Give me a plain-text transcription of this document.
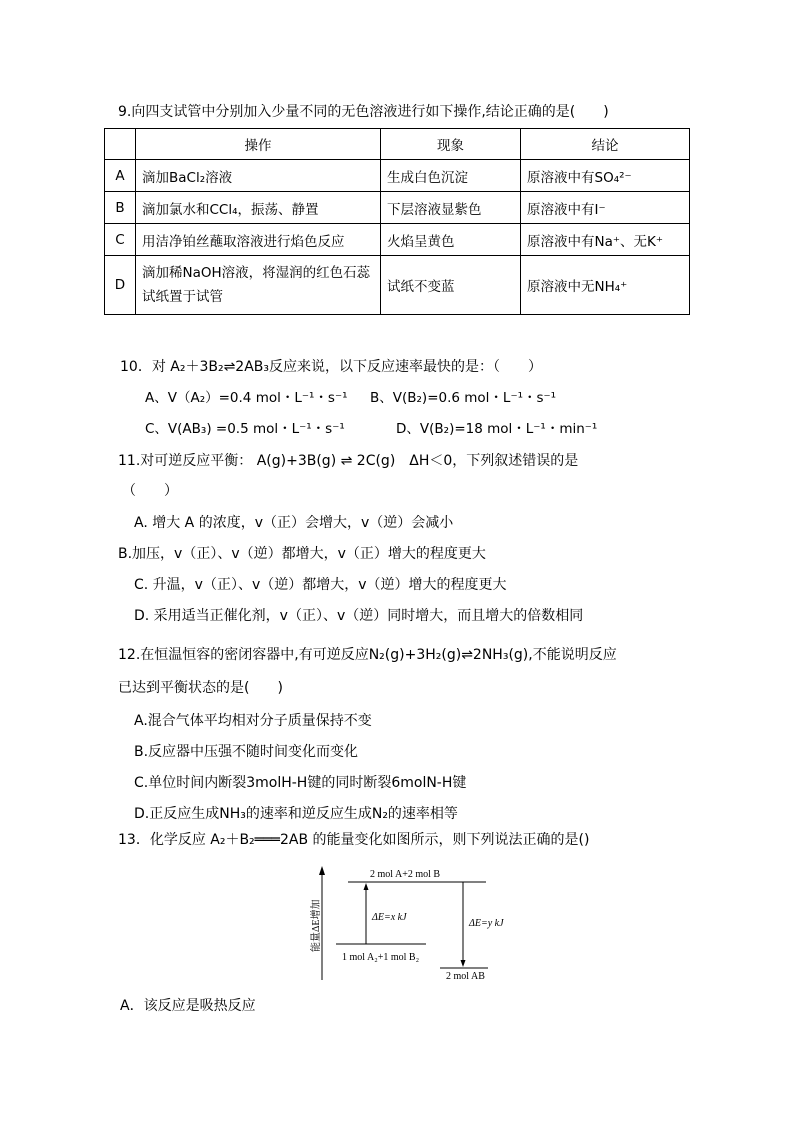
9.向四支试管中分别加入少量不同的无色溶液进行如下操作,结论正确的是(　　)
	操作	现象	结论
A	滴加BaCl₂溶液	生成白色沉淀	原溶液中有SO₄²⁻
B	滴加氯水和CCl₄，振荡、静置	下层溶液显紫色	原溶液中有I⁻
C	用洁净铂丝蘸取溶液进行焰色反应	火焰呈黄色	原溶液中有Na⁺、无K⁺
D	滴加稀NaOH溶液，将湿润的红色石蕊试纸置于试管	试纸不变蓝	原溶液中无NH₄⁺
10．对 A₂＋3B₂⇌2AB₃反应来说，以下反应速率最快的是：（　　）
A、V（A₂）=0.4 mol・L⁻¹・s⁻¹ B、V(B₂)=0.6 mol・L⁻¹・s⁻¹
C、V(AB₃) =0.5 mol・L⁻¹・s⁻¹	D、V(B₂)=18 mol・L⁻¹・min⁻¹
11.对可逆反应平衡： A(g)+3B(g) ⇌ 2C(g)　ΔH＜0，下列叙述错误的是
（　　）
A. 增大 A 的浓度，v（正）会增大，v（逆）会减小
B.加压，v（正）、v（逆）都增大，v（正）增大的程度更大
C. 升温，v（正）、v（逆）都增大，v（逆）增大的程度更大
D. 采用适当正催化剂，v（正）、v（逆）同时增大，而且增大的倍数相同
12.在恒温恒容的密闭容器中,有可逆反应N₂(g)+3H₂(g)⇌2NH₃(g),不能说明反应
已达到平衡状态的是(　　)
A.混合气体平均相对分子质量保持不变
B.反应器中压强不随时间变化而变化
C.单位时间内断裂3molH-H键的同时断裂6molN-H键
D.正反应生成NH₃的速率和逆反应生成N₂的速率相等
13．化学反应 A₂＋B₂═══2AB 的能量变化如图所示，则下列说法正确的是()
能量ΔE增加
2 mol A+2 mol B
1 mol A₂+1 mol B₂
2 mol AB
ΔE=x kJ
ΔE=y kJ
A．该反应是吸热反应
